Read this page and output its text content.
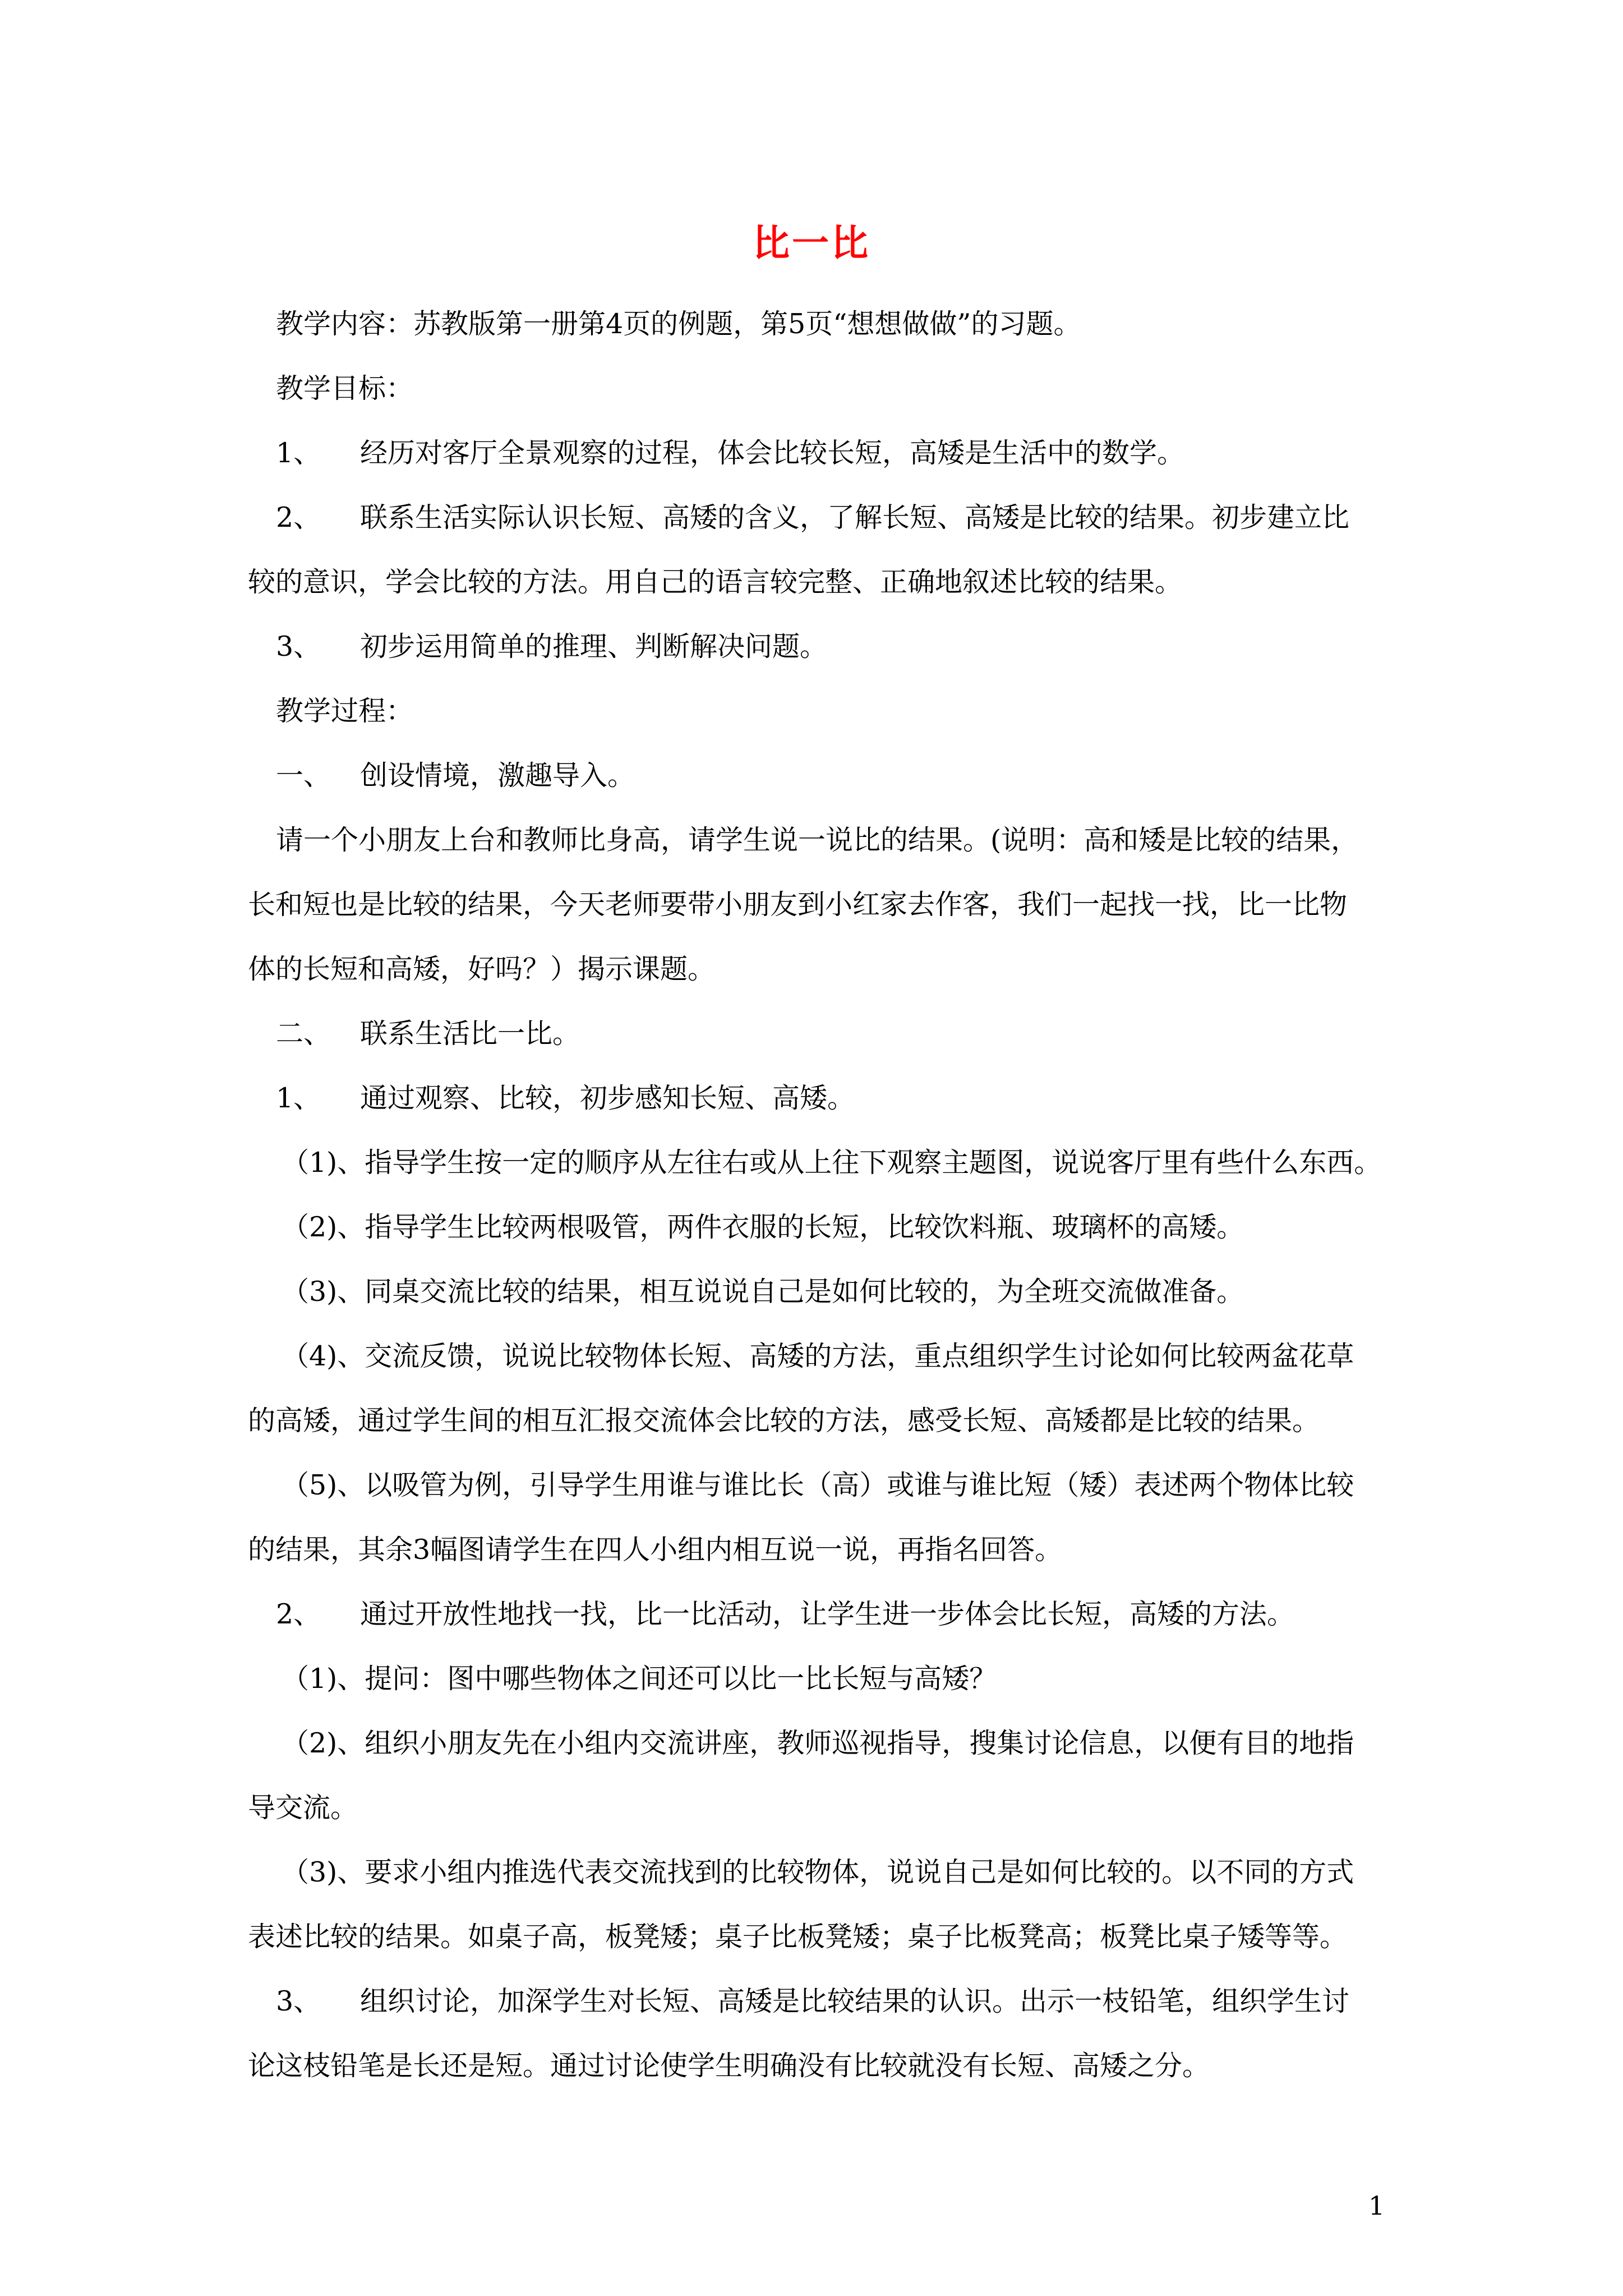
比一比
教学内容：苏教版第一册第4页的例题，第5页“想想做做”的习题。
教学目标：
1、 经历对客厅全景观察的过程，体会比较长短，高矮是生活中的数学。
2、 联系生活实际认识长短、高矮的含义，了解长短、高矮是比较的结果。初步建立比
较的意识，学会比较的方法。用自己的语言较完整、正确地叙述比较的结果。
3、 初步运用简单的推理、判断解决问题。
教学过程：
一、 创设情境，激趣导入。
请一个小朋友上台和教师比身高，请学生说一说比的结果。(说明：高和矮是比较的结果，
长和短也是比较的结果，今天老师要带小朋友到小红家去作客，我们一起找一找，比一比物
体的长短和高矮，好吗？）揭示课题。
二、 联系生活比一比。
1、 通过观察、比较，初步感知长短、高矮。
（1)、指导学生按一定的顺序从左往右或从上往下观察主题图，说说客厅里有些什么东西。
（2)、指导学生比较两根吸管，两件衣服的长短，比较饮料瓶、玻璃杯的高矮。
（3)、同桌交流比较的结果，相互说说自己是如何比较的，为全班交流做准备。
（4)、交流反馈，说说比较物体长短、高矮的方法，重点组织学生讨论如何比较两盆花草
的高矮，通过学生间的相互汇报交流体会比较的方法，感受长短、高矮都是比较的结果。
（5)、以吸管为例，引导学生用谁与谁比长（高）或谁与谁比短（矮）表述两个物体比较
的结果，其余3幅图请学生在四人小组内相互说一说，再指名回答。
2、 通过开放性地找一找，比一比活动，让学生进一步体会比长短，高矮的方法。
（1)、提问：图中哪些物体之间还可以比一比长短与高矮？
（2)、组织小朋友先在小组内交流讲座，教师巡视指导，搜集讨论信息，以便有目的地指
导交流。
（3)、要求小组内推选代表交流找到的比较物体，说说自己是如何比较的。以不同的方式
表述比较的结果。如桌子高，板凳矮；桌子比板凳矮；桌子比板凳高；板凳比桌子矮等等。
3、 组织讨论，加深学生对长短、高矮是比较结果的认识。出示一枝铅笔，组织学生讨
论这枝铅笔是长还是短。通过讨论使学生明确没有比较就没有长短、高矮之分。
1
